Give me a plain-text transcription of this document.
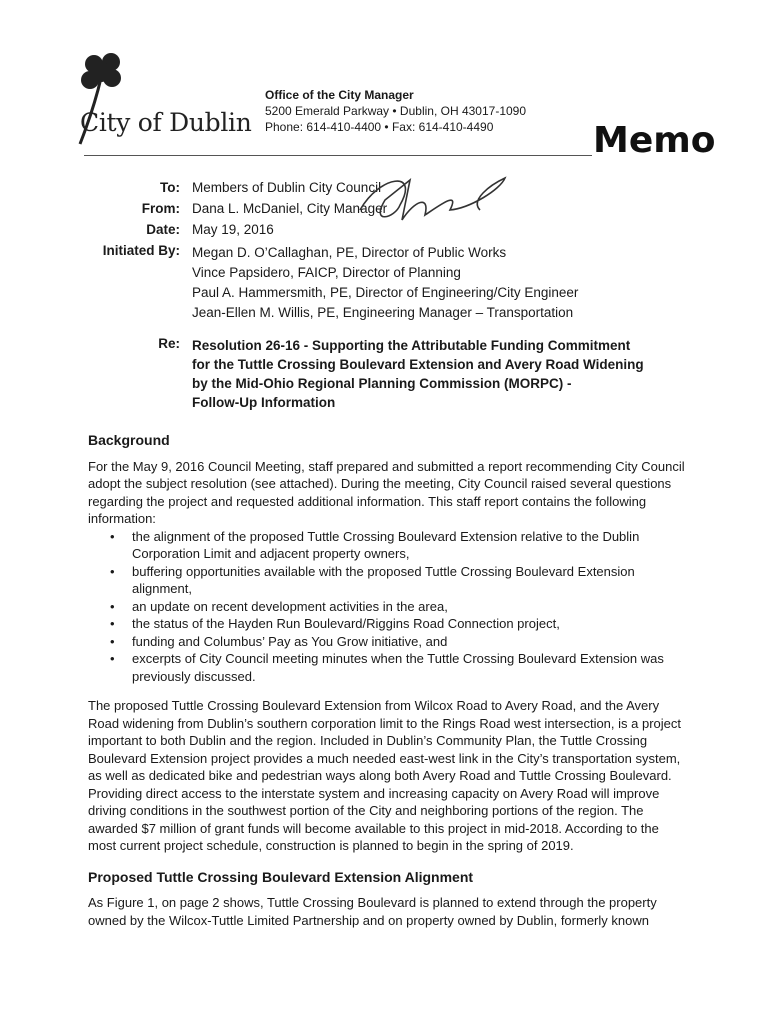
City of Dublin
Office of the City Manager
5200 Emerald Parkway • Dublin, OH 43017-1090
Phone: 614-410-4400 • Fax: 614-410-4490	Memo
To: Members of Dublin City Council
From: Dana L. McDaniel, City Manager
Date: May 19, 2016
Initiated By: Megan D. O’Callaghan, PE, Director of Public Works
Vince Papsidero, FAICP, Director of Planning
Paul A. Hammersmith, PE, Director of Engineering/City Engineer
Jean-Ellen M. Willis, PE, Engineering Manager – Transportation
Re: Resolution 26-16 - Supporting the Attributable Funding Commitment
for the Tuttle Crossing Boulevard Extension and Avery Road Widening
by the Mid-Ohio Regional Planning Commission (MORPC) -
Follow-Up Information
Background

For the May 9, 2016 Council Meeting, staff prepared and submitted a report recommending City Council adopt the subject resolution (see attached). During the meeting, City Council raised several questions regarding the project and requested additional information. This staff report contains the following information:

• the alignment of the proposed Tuttle Crossing Boulevard Extension relative to the Dublin Corporation Limit and adjacent property owners,
• buffering opportunities available with the proposed Tuttle Crossing Boulevard Extension alignment,
• an update on recent development activities in the area,
• the status of the Hayden Run Boulevard/Riggins Road Connection project,
• funding and Columbus’ Pay as You Grow initiative, and
• excerpts of City Council meeting minutes when the Tuttle Crossing Boulevard Extension was previously discussed.

The proposed Tuttle Crossing Boulevard Extension from Wilcox Road to Avery Road, and the Avery Road widening from Dublin’s southern corporation limit to the Rings Road west intersection, is a project important to both Dublin and the region. Included in Dublin’s Community Plan, the Tuttle Crossing Boulevard Extension project provides a much needed east-west link in the City’s transportation system, as well as dedicated bike and pedestrian ways along both Avery Road and Tuttle Crossing Boulevard. Providing direct access to the interstate system and increasing capacity on Avery Road will improve driving conditions in the southwest portion of the City and neighboring portions of the region. The awarded $7 million of grant funds will become available to this project in mid-2018. According to the most current project schedule, construction is planned to begin in the spring of 2019.

Proposed Tuttle Crossing Boulevard Extension Alignment

As Figure 1, on page 2 shows, Tuttle Crossing Boulevard is planned to extend through the property owned by the Wilcox-Tuttle Limited Partnership and on property owned by Dublin, formerly known
